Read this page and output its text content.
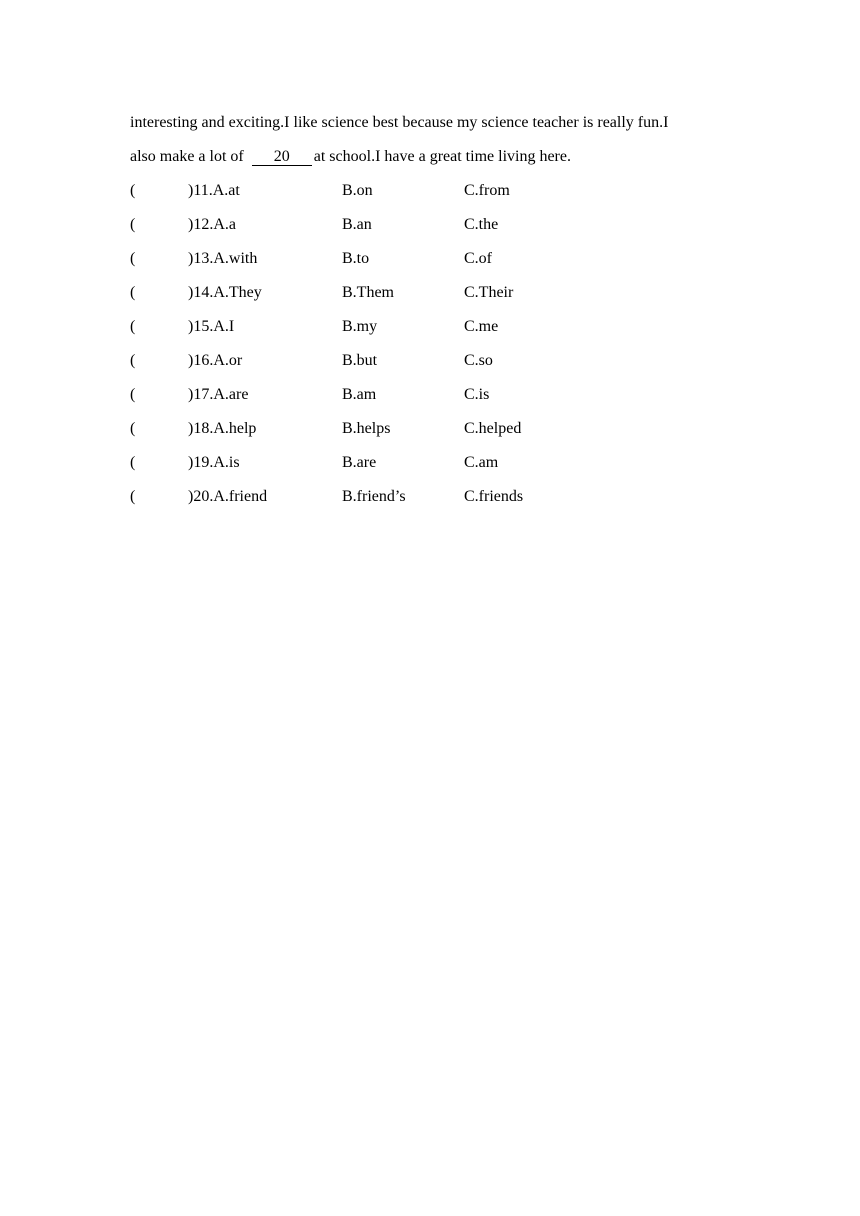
interesting and exciting.I like science best because my science teacher is really fun.I
also make a lot of 20 at school.I have a great time living here.
(	)11.A.at	B.on	C.from
(	)12.A.a	B.an	C.the
(	)13.A.with	B.to	C.of
(	)14.A.They	B.Them	C.Their
(	)15.A.I	B.my	C.me
(	)16.A.or	B.but	C.so
(	)17.A.are	B.am	C.is
(	)18.A.help	B.helps	C.helped
(	)19.A.is	B.are	C.am
(	)20.A.friend	B.friend’s	C.friends
